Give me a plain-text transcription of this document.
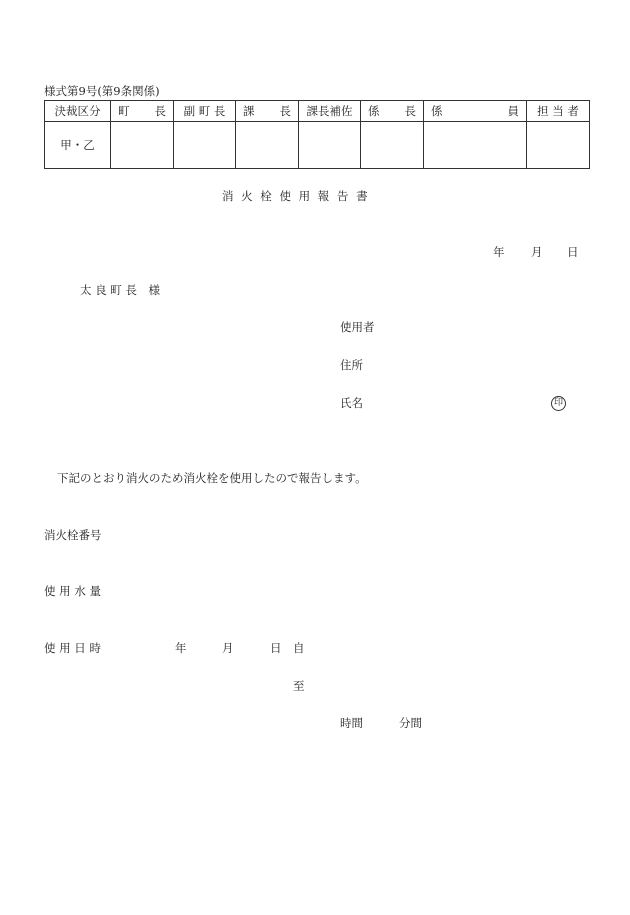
様式第9号(第9条関係)
決裁区分	町 長	副 町 長	課 長	課長補佐	係 長	係 員	担 当 者

甲・乙							
消 火 栓 使 用 報 告 書
年 月 日
太 良 町 長　様
使用者
住所
氏名	印
下記のとおり消火のため消火栓を使用したので報告します。
消火栓番号
使 用 水 量
使 用 日 時	年	月	日 自
至
時間	分間
